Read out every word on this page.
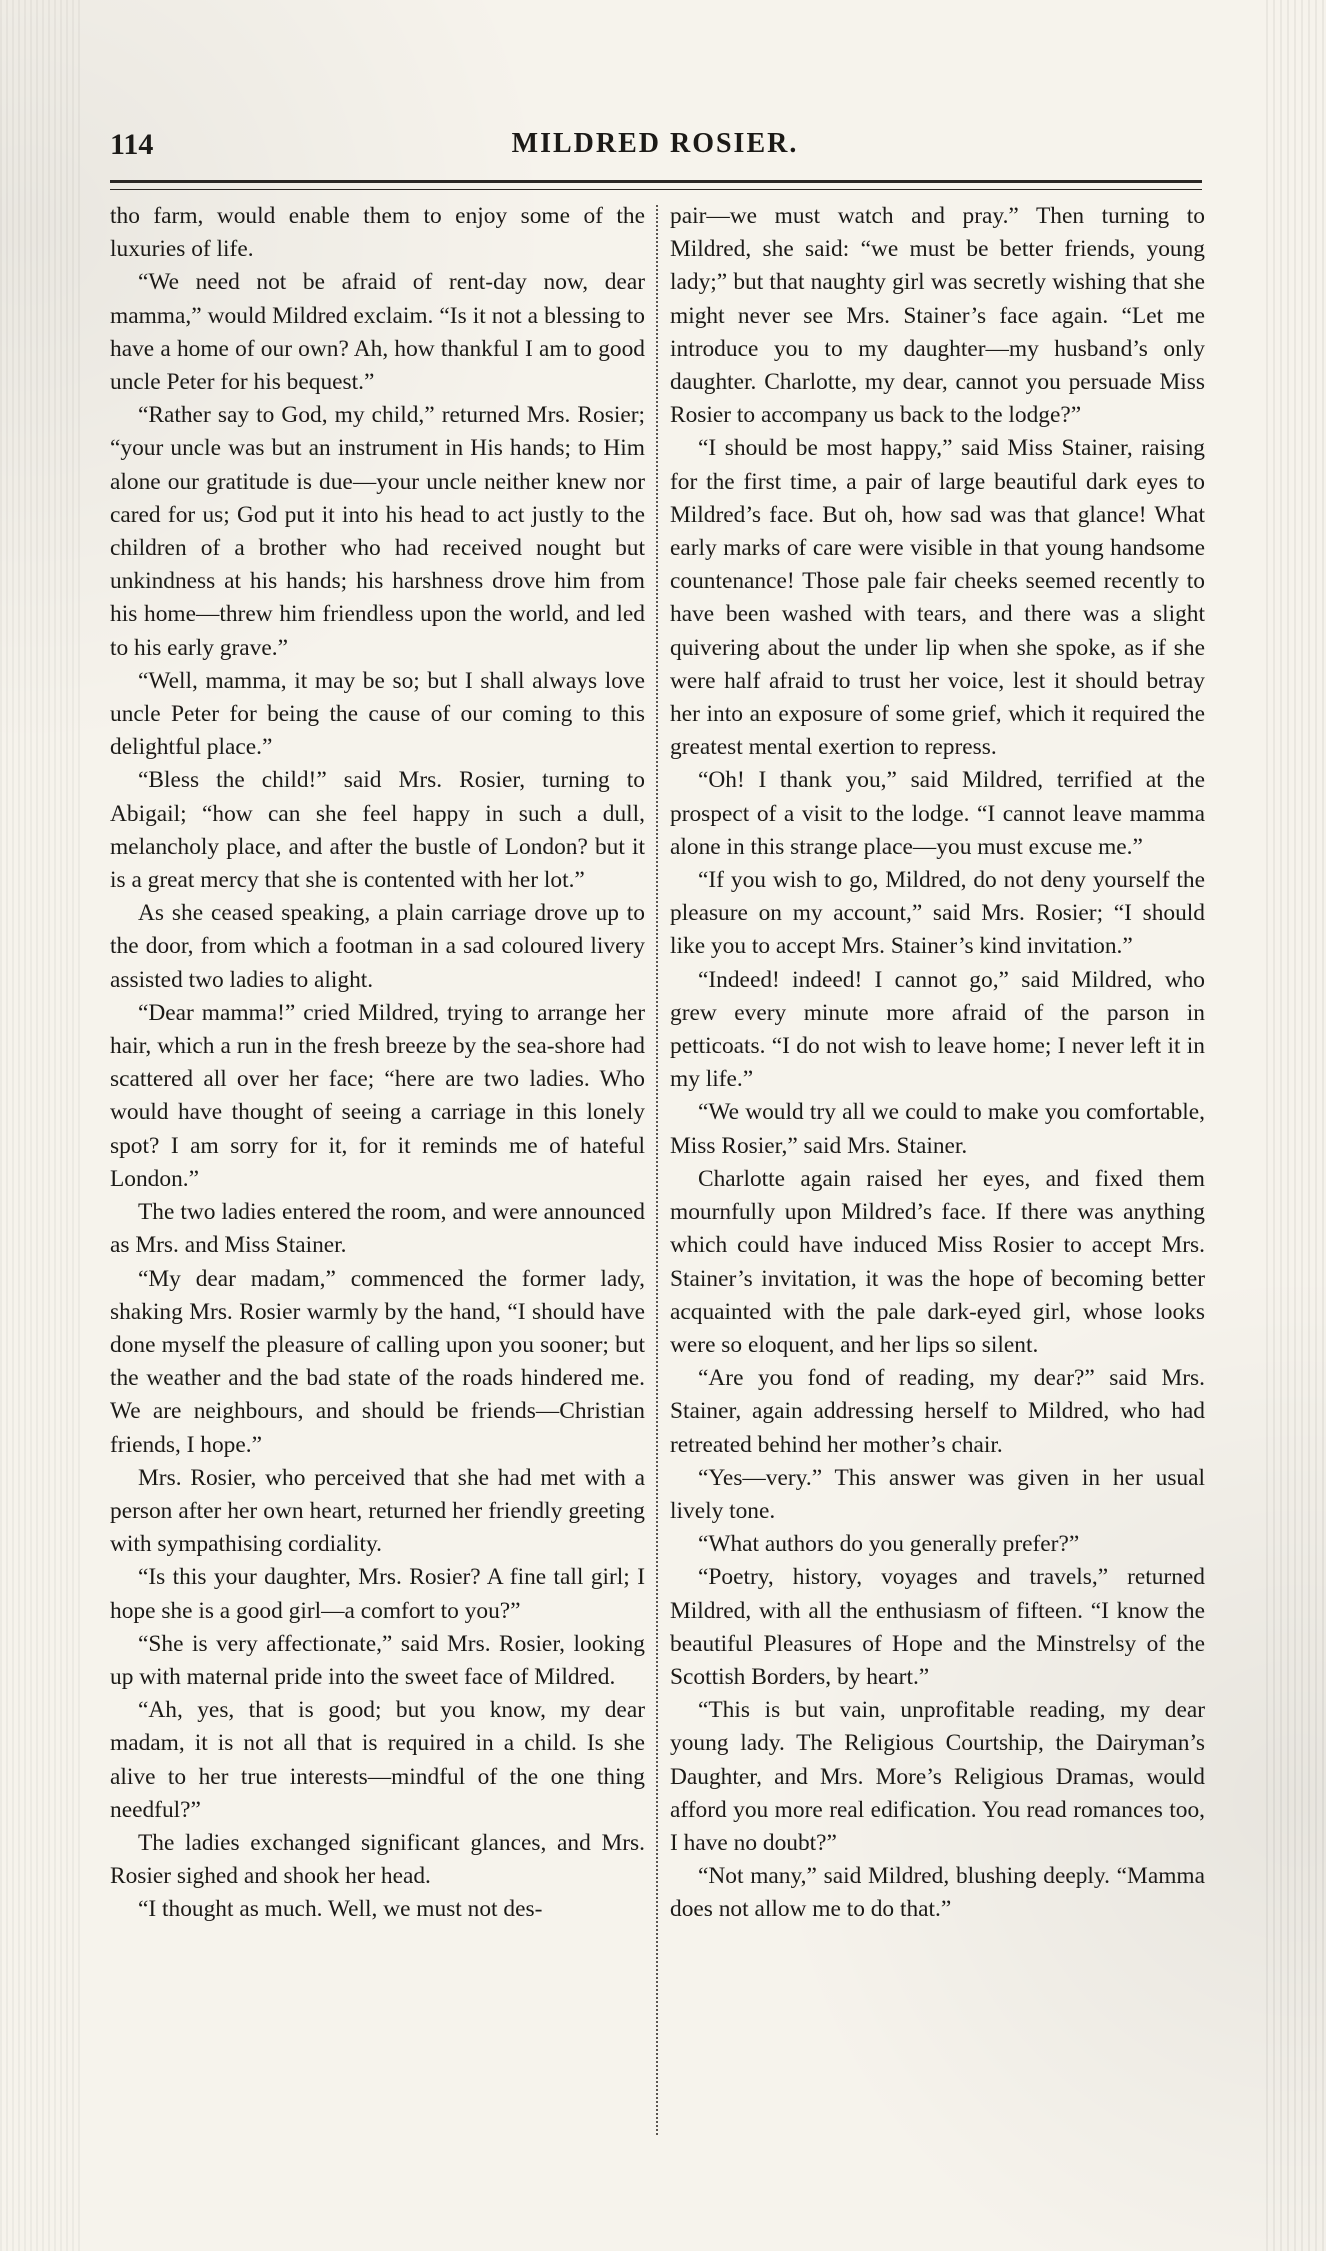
114	MILDRED ROSIER.

tho farm, would enable them to enjoy some of the luxuries of life.

“We need not be afraid of rent-day now, dear mamma,” would Mildred exclaim. “Is it not a blessing to have a home of our own? Ah, how thankful I am to good uncle Peter for his bequest.”

“Rather say to God, my child,” returned Mrs. Rosier; “your uncle was but an instrument in His hands; to Him alone our gratitude is due—your uncle neither knew nor cared for us; God put it into his head to act justly to the children of a brother who had received nought but unkindness at his hands; his harshness drove him from his home—threw him friendless upon the world, and led to his early grave.”

“Well, mamma, it may be so; but I shall always love uncle Peter for being the cause of our coming to this delightful place.”

“Bless the child!” said Mrs. Rosier, turning to Abigail; “how can she feel happy in such a dull, melancholy place, and after the bustle of London? but it is a great mercy that she is contented with her lot.”

As she ceased speaking, a plain carriage drove up to the door, from which a footman in a sad coloured livery assisted two ladies to alight.

“Dear mamma!” cried Mildred, trying to arrange her hair, which a run in the fresh breeze by the sea-shore had scattered all over her face; “here are two ladies. Who would have thought of seeing a carriage in this lonely spot? I am sorry for it, for it reminds me of hateful London.”

The two ladies entered the room, and were announced as Mrs. and Miss Stainer.

“My dear madam,” commenced the former lady, shaking Mrs. Rosier warmly by the hand, “I should have done myself the pleasure of calling upon you sooner; but the weather and the bad state of the roads hindered me. We are neighbours, and should be friends—Christian friends, I hope.”

Mrs. Rosier, who perceived that she had met with a person after her own heart, returned her friendly greeting with sympathising cordiality.

“Is this your daughter, Mrs. Rosier? A fine tall girl; I hope she is a good girl—a comfort to you?”

“She is very affectionate,” said Mrs. Rosier, looking up with maternal pride into the sweet face of Mildred.

“Ah, yes, that is good; but you know, my dear madam, it is not all that is required in a child. Is she alive to her true interests—mindful of the one thing needful?”

The ladies exchanged significant glances, and Mrs. Rosier sighed and shook her head.

“I thought as much. Well, we must not des-

pair—we must watch and pray.” Then turning to Mildred, she said: “we must be better friends, young lady;” but that naughty girl was secretly wishing that she might never see Mrs. Stainer’s face again. “Let me introduce you to my daughter—my husband’s only daughter. Charlotte, my dear, cannot you persuade Miss Rosier to accompany us back to the lodge?”

“I should be most happy,” said Miss Stainer, raising for the first time, a pair of large beautiful dark eyes to Mildred’s face. But oh, how sad was that glance! What early marks of care were visible in that young handsome countenance! Those pale fair cheeks seemed recently to have been washed with tears, and there was a slight quivering about the under lip when she spoke, as if she were half afraid to trust her voice, lest it should betray her into an exposure of some grief, which it required the greatest mental exertion to repress.

“Oh! I thank you,” said Mildred, terrified at the prospect of a visit to the lodge. “I cannot leave mamma alone in this strange place—you must excuse me.”

“If you wish to go, Mildred, do not deny yourself the pleasure on my account,” said Mrs. Rosier; “I should like you to accept Mrs. Stainer’s kind invitation.”

“Indeed! indeed! I cannot go,” said Mildred, who grew every minute more afraid of the parson in petticoats. “I do not wish to leave home; I never left it in my life.”

“We would try all we could to make you comfortable, Miss Rosier,” said Mrs. Stainer.

Charlotte again raised her eyes, and fixed them mournfully upon Mildred’s face. If there was anything which could have induced Miss Rosier to accept Mrs. Stainer’s invitation, it was the hope of becoming better acquainted with the pale dark-eyed girl, whose looks were so eloquent, and her lips so silent.

“Are you fond of reading, my dear?” said Mrs. Stainer, again addressing herself to Mildred, who had retreated behind her mother’s chair.

“Yes—very.” This answer was given in her usual lively tone.

“What authors do you generally prefer?”

“Poetry, history, voyages and travels,” returned Mildred, with all the enthusiasm of fifteen. “I know the beautiful Pleasures of Hope and the Minstrelsy of the Scottish Borders, by heart.”

“This is but vain, unprofitable reading, my dear young lady. The Religious Courtship, the Dairyman’s Daughter, and Mrs. More’s Religious Dramas, would afford you more real edification. You read romances too, I have no doubt?”

“Not many,” said Mildred, blushing deeply. “Mamma does not allow me to do that.”
